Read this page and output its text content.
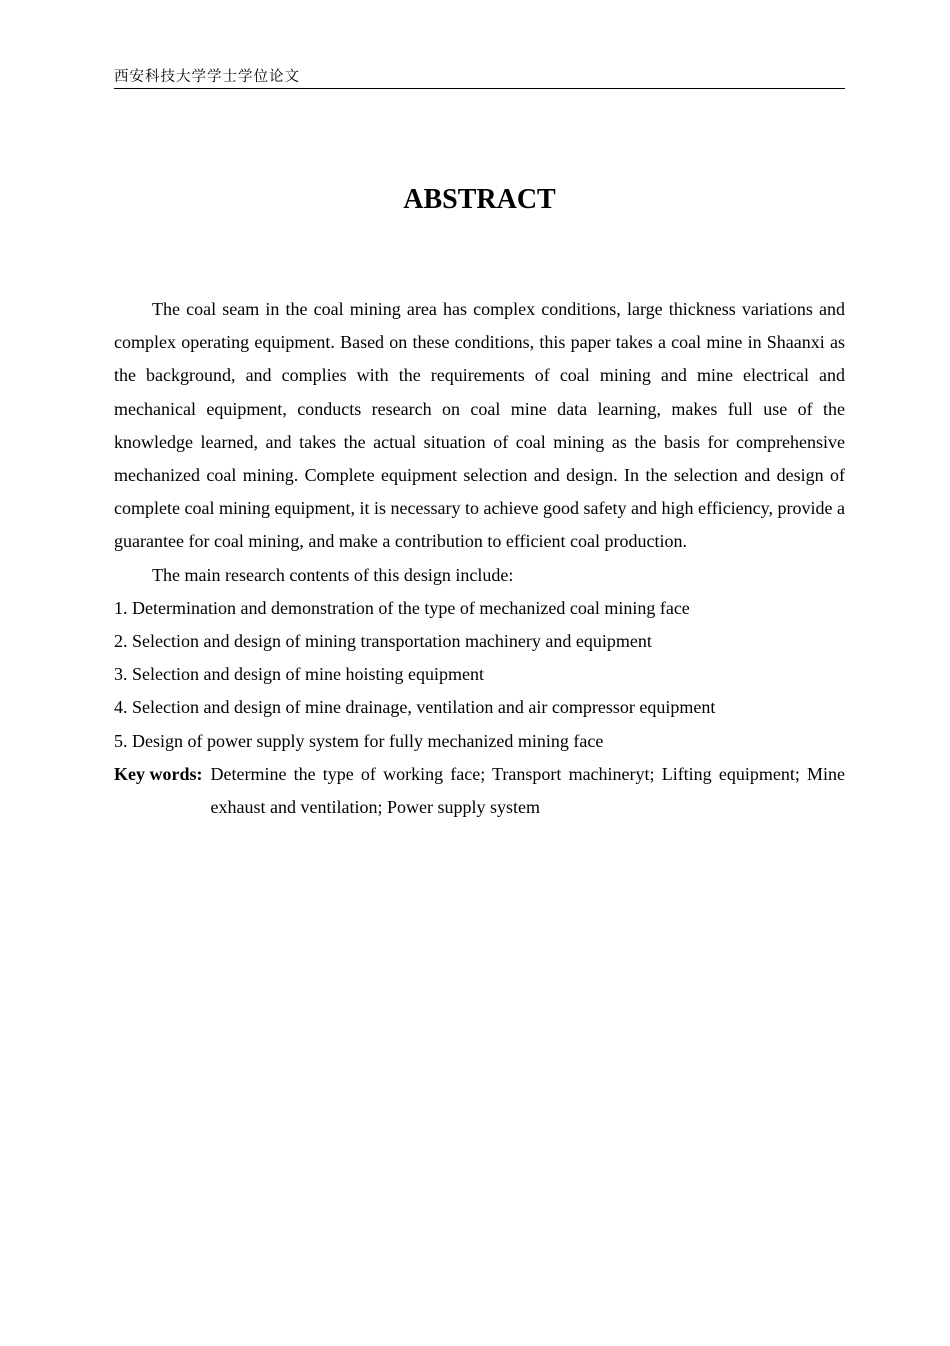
西安科技大学学士学位论文
ABSTRACT

The coal seam in the coal mining area has complex conditions, large thickness variations and complex operating equipment. Based on these conditions, this paper takes a coal mine in Shaanxi as the background, and complies with the requirements of coal mining and mine electrical and mechanical equipment, conducts research on coal mine data learning, makes full use of the knowledge learned, and takes the actual situation of coal mining as the basis for comprehensive mechanized coal mining. Complete equipment selection and design. In the selection and design of complete coal mining equipment, it is necessary to achieve good safety and high efficiency, provide a guarantee for coal mining, and make a contribution to efficient coal production.

The main research contents of this design include:

1. Determination and demonstration of the type of mechanized coal mining face

2. Selection and design of mining transportation machinery and equipment

3. Selection and design of mine hoisting equipment

4. Selection and design of mine drainage, ventilation and air compressor equipment

5. Design of power supply system for fully mechanized mining face

Key words: Determine the type of working face; Transport machineryt; Lifting equipment; Mine exhaust and ventilation; Power supply system
